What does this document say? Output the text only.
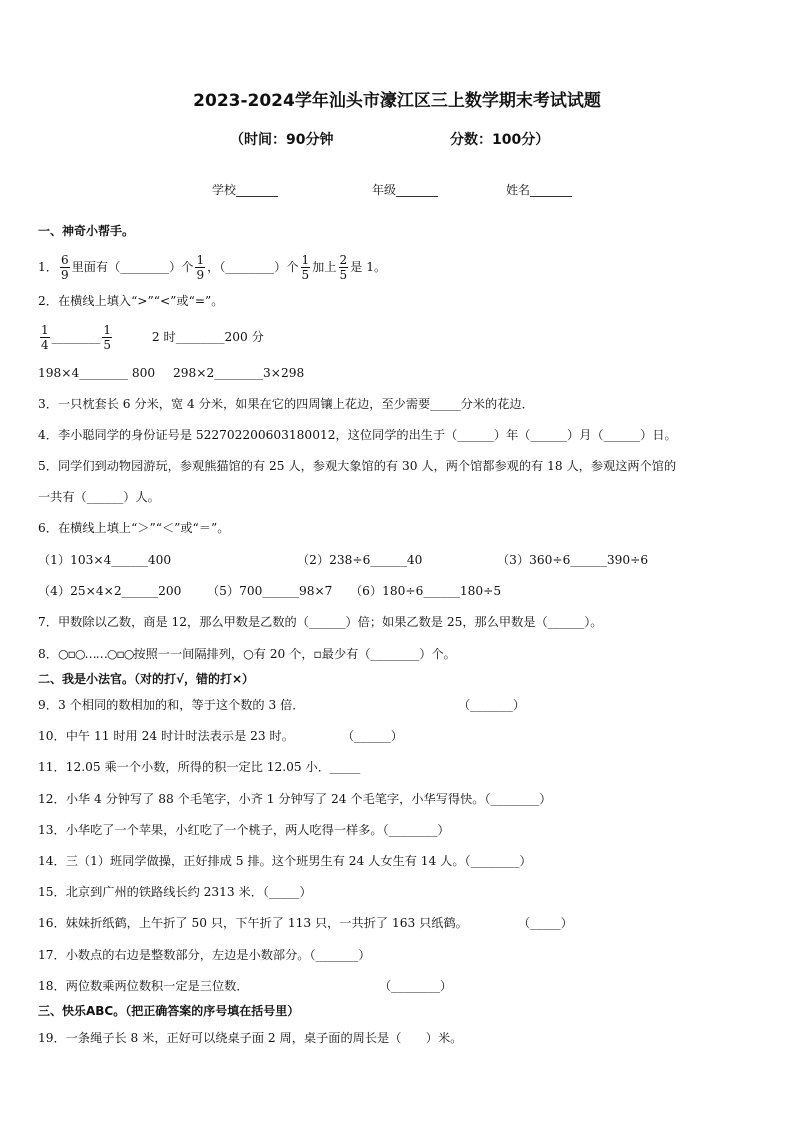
2023-2024学年汕头市濠江区三上数学期末考试试题
（时间：90分钟	分数：100分）
学校_______	年级_______	姓名_______
一、神奇小帮手。
1． $\frac{6}{9}$ 里面有（________）个 $\frac{1}{9}$ ，（________）个 $\frac{1}{5}$ 加上 $\frac{2}{5}$ 是 1。
2．在横线上填入“>”“<”或“=”。
$\frac{1}{4}$ ________ $\frac{1}{5}$	2 时________200 分
198×4________ 800 298×2________3×298
3．一只枕套长 6 分米，宽 4 分米，如果在它的四周镶上花边，至少需要_____分米的花边．
4．李小聪同学的身份证号是 522702200603180012，这位同学的出生于（______）年（______）月（______）日。
5．同学们到动物园游玩，参观熊猫馆的有 25 人，参观大象馆的有 30 人，两个馆都参观的有 18 人，参观这两个馆的
一共有（______）人。
6．在横线上填上“＞”“＜”或“＝”。
（1）103×4______400	（2）238÷6______40	（3）360÷6______390÷6
（4）25×4×2______200 （5）700______98×7 （6）180÷6______180÷5
7．甲数除以乙数，商是 12，那么甲数是乙数的（______）倍；如果乙数是 25，那么甲数是（______）。
8．○▫○……○▫○按照一一间隔排列，○有 20 个，▫最少有（________）个。
二、我是小法官。（对的打√，错的打×）
9．3 个相同的数相加的和，等于这个数的 3 倍．	（_______）
10．中午 11 时用 24 时计时法表示是 23 时。	（______）
11．12.05 乘一个小数，所得的积一定比 12.05 小．_____
12．小华 4 分钟写了 88 个毛笔字，小齐 1 分钟写了 24 个毛笔字，小华写得快。（________）
13．小华吃了一个苹果，小红吃了一个桃子，两人吃得一样多。（________）
14．三（1）班同学做操，正好排成 5 排。这个班男生有 24 人女生有 14 人。（________）
15．北京到广州的铁路线长约 2313 米．（_____）
16．妹妹折纸鹤，上午折了 50 只，下午折了 113 只，一共折了 163 只纸鹤。	（_____）
17．小数点的右边是整数部分，左边是小数部分。（_______）
18．两位数乘两位数积一定是三位数．	（________）
三、快乐ABC。（把正确答案的序号填在括号里）
19．一条绳子长 8 米，正好可以绕桌子面 2 周，桌子面的周长是（　　）米。
